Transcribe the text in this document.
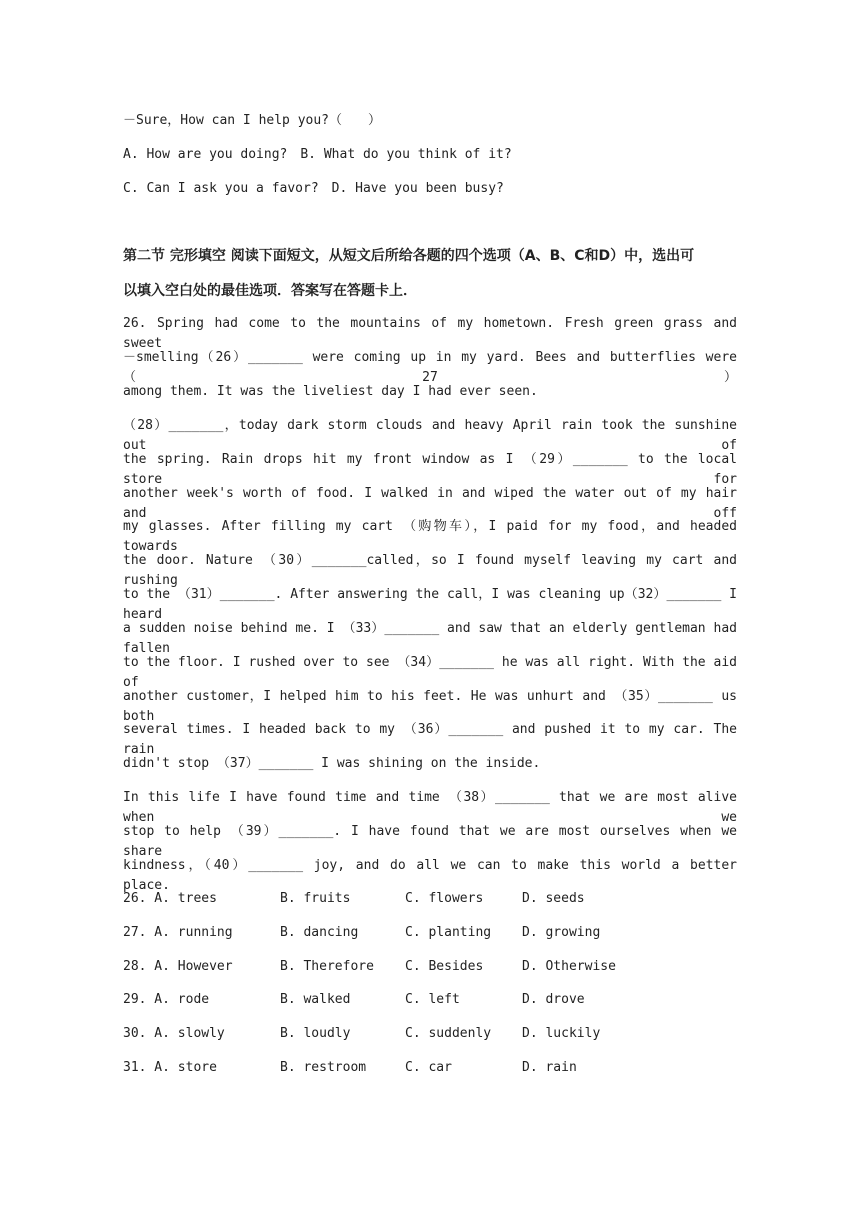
－Sure，How can I help you?（　　）
A. How are you doing?　B. What do you think of it?
C. Can I ask you a favor?　D. Have you been busy?
第二节 完形填空 阅读下面短文，从短文后所给各题的四个选项（A、B、C和D）中，选出可
以填入空白处的最佳选项．答案写在答题卡上．
26. Spring had come to the mountains of my hometown. Fresh green grass and sweet
－smelling（26）_______ were coming up in my yard. Bees and butterflies were （27）
among them. It was the liveliest day I had ever seen.
（28）_______，today dark storm clouds and heavy April rain took the sunshine out of
the spring. Rain drops hit my front window as I （29）_______ to the local store for
another week's worth of food. I walked in and wiped the water out of my hair and off
my glasses. After filling my cart （购物车），I paid for my food，and headed towards
the door. Nature （30）_______called，so I found myself leaving my cart and rushing
to the （31）_______. After answering the call，I was cleaning up（32）_______ I heard
a sudden noise behind me. I （33）_______ and saw that an elderly gentleman had fallen
to the floor. I rushed over to see （34）_______ he was all right. With the aid of
another customer，I helped him to his feet. He was unhurt and （35）_______ us both
several times. I headed back to my （36）_______ and pushed it to my car. The rain
didn't stop （37）_______ I was shining on the inside.
In this life I have found time and time （38）_______ that we are most alive when we
stop to help （39）_______. I have found that we are most ourselves when we share
kindness，（40）_______ joy, and do all we can to make this world a better place.
26. A. trees	B. fruits	C. flowers	D. seeds
27. A. running	B. dancing	C. planting D. growing
28. A. However	B. Therefore C. Besides	D. Otherwise
29. A. rode	B. walked	C. left	D. drove
30. A. slowly	B. loudly	C. suddenly D. luckily
31. A. store	B. restroom	C. car	D. rain
